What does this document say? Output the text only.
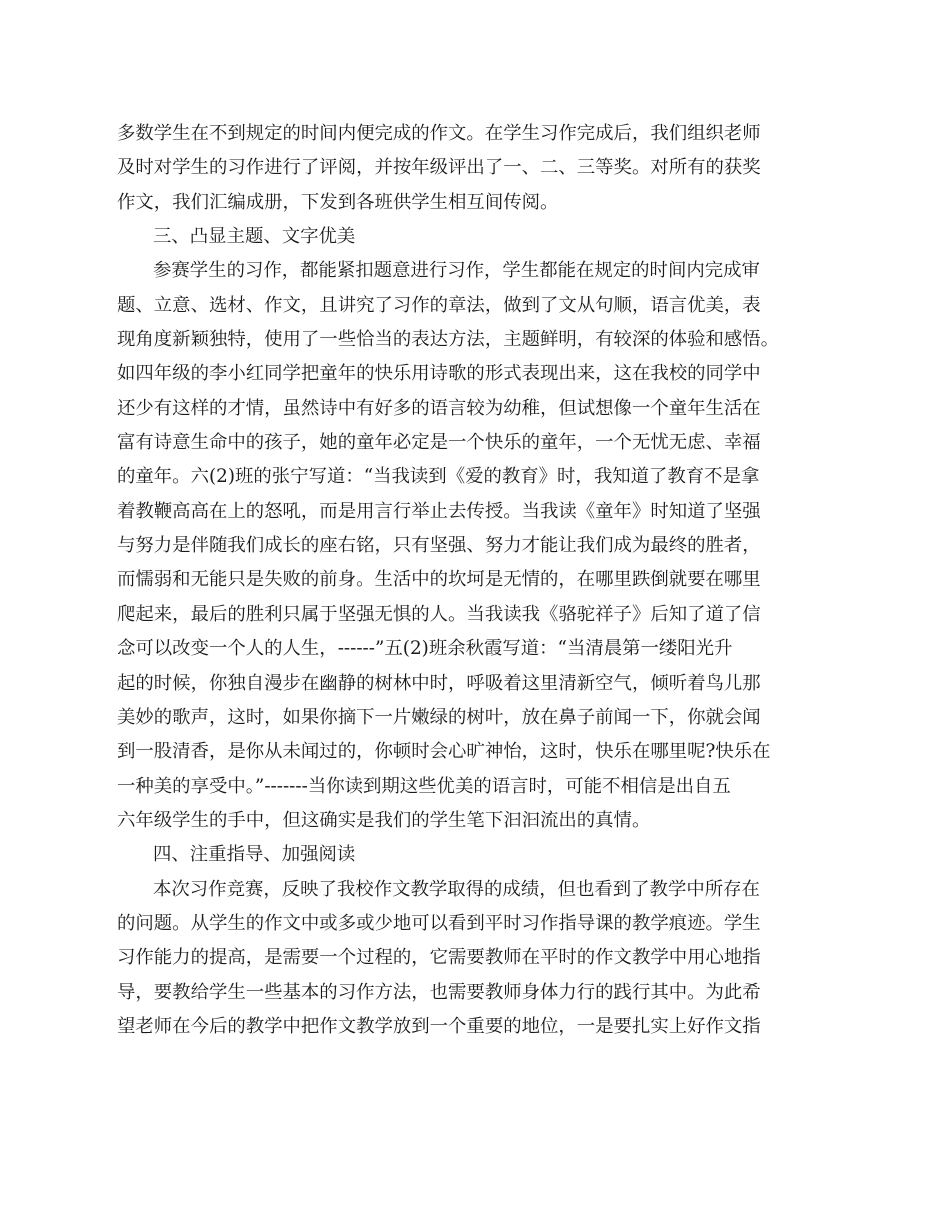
多数学生在不到规定的时间内便完成的作文。在学生习作完成后，我们组织老师
及时对学生的习作进行了评阅，并按年级评出了一、二、三等奖。对所有的获奖
作文，我们汇编成册，下发到各班供学生相互间传阅。
三、凸显主题、文字优美
参赛学生的习作，都能紧扣题意进行习作，学生都能在规定的时间内完成审
题、立意、选材、作文，且讲究了习作的章法，做到了文从句顺，语言优美，表
现角度新颖独特，使用了一些恰当的表达方法，主题鲜明，有较深的体验和感悟。
如四年级的李小红同学把童年的快乐用诗歌的形式表现出来，这在我校的同学中
还少有这样的才情，虽然诗中有好多的语言较为幼稚，但试想像一个童年生活在
富有诗意生命中的孩子，她的童年必定是一个快乐的童年，一个无忧无虑、幸福
的童年。六(2)班的张宁写道：“当我读到《爱的教育》时，我知道了教育不是拿
着教鞭高高在上的怒吼，而是用言行举止去传授。当我读《童年》时知道了坚强
与努力是伴随我们成长的座右铭，只有坚强、努力才能让我们成为最终的胜者，
而懦弱和无能只是失败的前身。生活中的坎坷是无情的，在哪里跌倒就要在哪里
爬起来，最后的胜利只属于坚强无惧的人。当我读我《骆驼祥子》后知了道了信
念可以改变一个人的人生，------”五(2)班余秋霞写道：“当清晨第一缕阳光升
起的时候，你独自漫步在幽静的树林中时，呼吸着这里清新空气，倾听着鸟儿那
美妙的歌声，这时，如果你摘下一片嫩绿的树叶，放在鼻子前闻一下，你就会闻
到一股清香，是你从未闻过的，你顿时会心旷神怡，这时，快乐在哪里呢?快乐在
一种美的享受中。”-------当你读到期这些优美的语言时，可能不相信是出自五
六年级学生的手中，但这确实是我们的学生笔下汩汩流出的真情。
四、注重指导、加强阅读
本次习作竞赛，反映了我校作文教学取得的成绩，但也看到了教学中所存在
的问题。从学生的作文中或多或少地可以看到平时习作指导课的教学痕迹。学生
习作能力的提高，是需要一个过程的，它需要教师在平时的作文教学中用心地指
导，要教给学生一些基本的习作方法，也需要教师身体力行的践行其中。为此希
望老师在今后的教学中把作文教学放到一个重要的地位，一是要扎实上好作文指
